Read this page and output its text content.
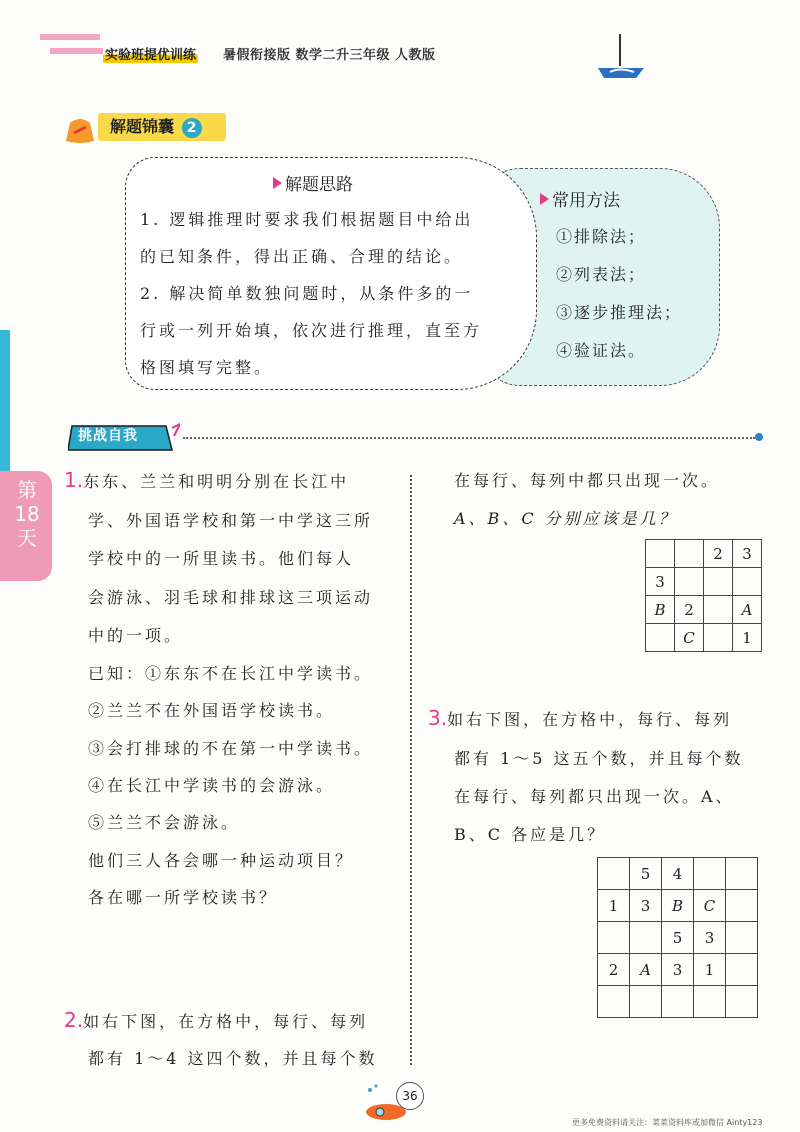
实验班提优训练 暑假衔接版 数学二升三年级 人教版
解题锦囊 2
解题思路
1. 逻辑推理时要求我们根据题目中给出
的已知条件，得出正确、合理的结论。
2. 解决简单数独问题时，从条件多的一
行或一列开始填，依次进行推理，直至方
格图填写完整。
常用方法
①排除法；
②列表法；
③逐步推理法；
④验证法。
挑战自我
第18天
1.东东、兰兰和明明分别在长江中
学、外国语学校和第一中学这三所
学校中的一所里读书。他们每人
会游泳、羽毛球和排球这三项运动
中的一项。
已知：①东东不在长江中学读书。
②兰兰不在外国语学校读书。
③会打排球的不在第一中学读书。
④在长江中学读书的会游泳。
⑤兰兰不会游泳。
他们三人各会哪一种运动项目？
各在哪一所学校读书？
2.如右下图，在方格中，每行、每列
都有 1～4 这四个数，并且每个数
在每行、每列中都只出现一次。
A、B、C 分别应该是几？
		2	3
3			
B	2		A
	C		1
3.如右下图，在方格中，每行、每列
都有 1～5 这五个数，并且每个数
在每行、每列都只出现一次。A、
B、C 各应是几？
	5	4		
1	3	B	C	
		5	3	
2	A	3	1	

36
更多免费资料请关注：菜菜资料库或加微信 Ainty123
